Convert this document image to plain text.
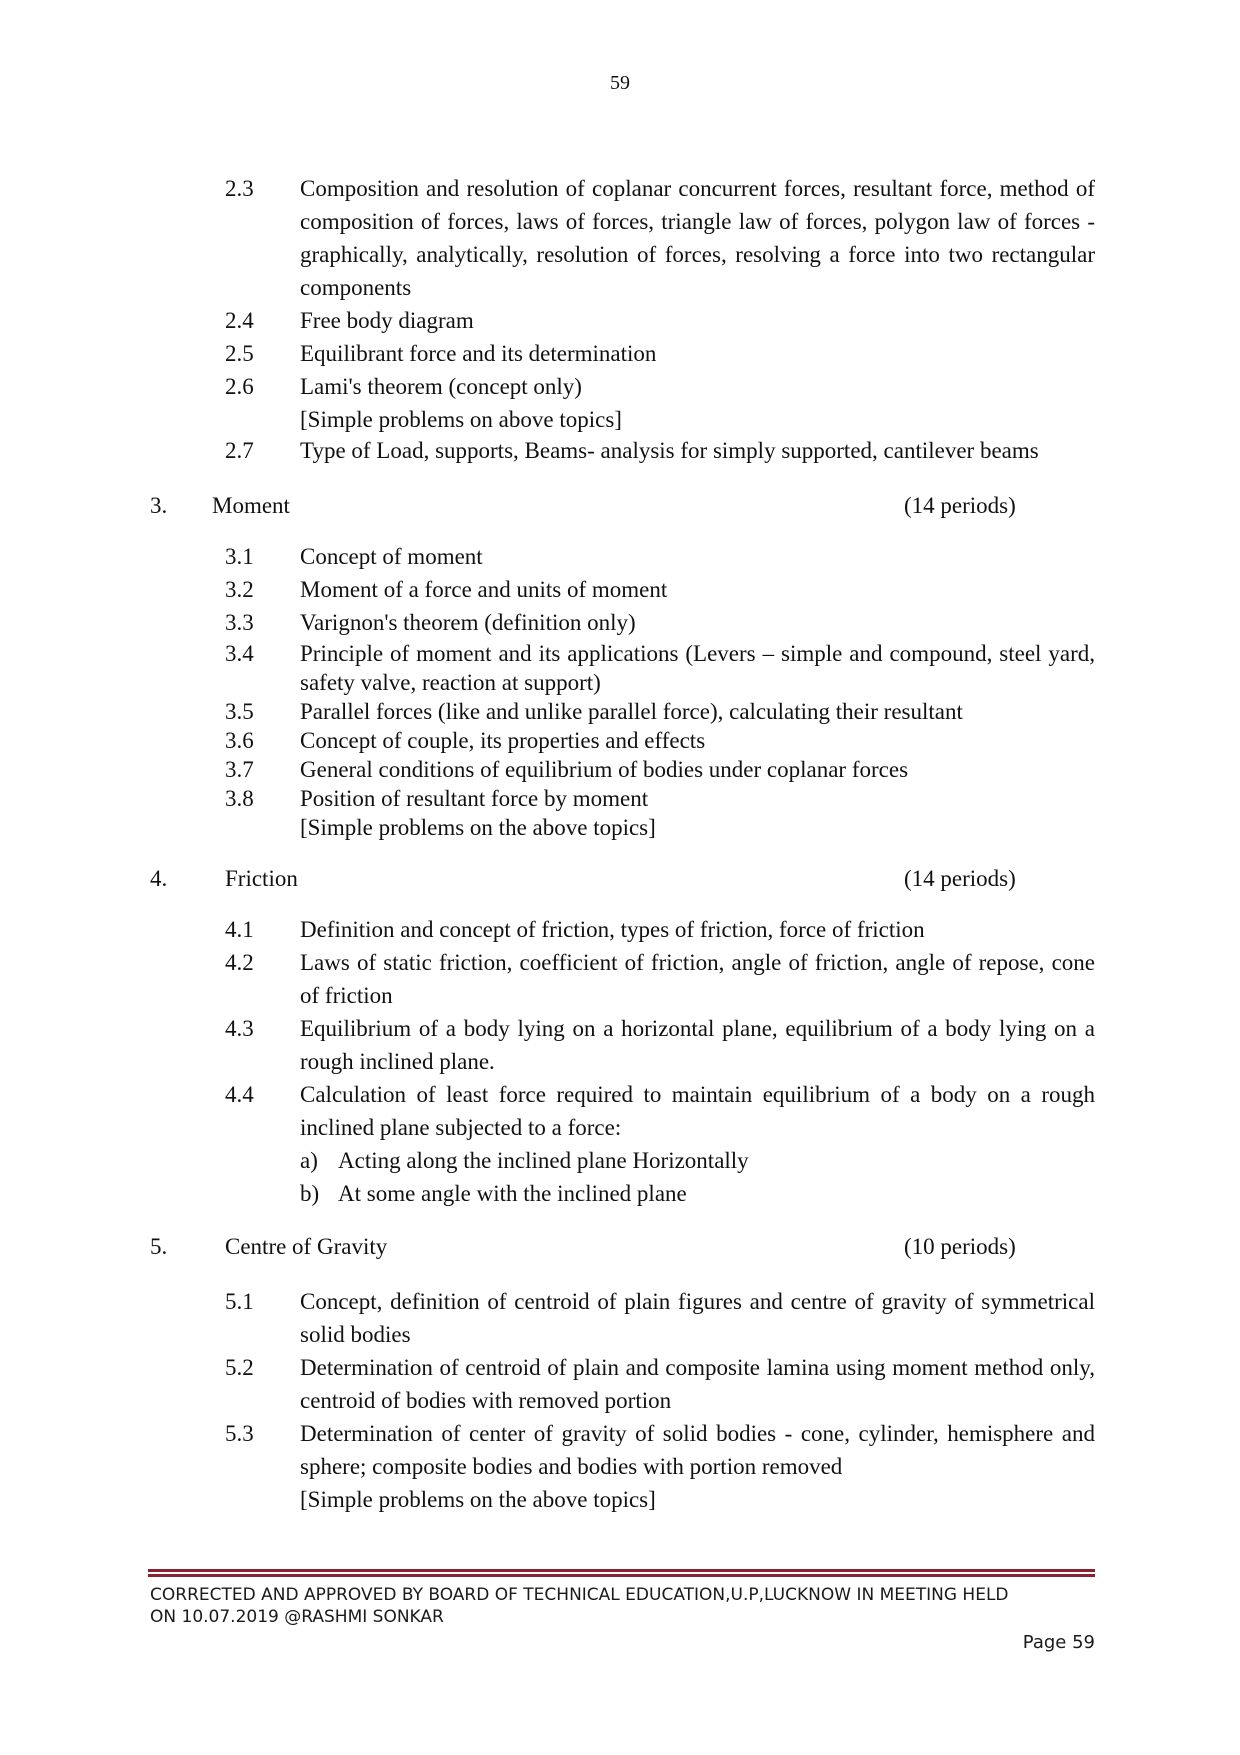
59
2.3	Composition and resolution of coplanar concurrent forces, resultant force, method of composition of forces, laws of forces, triangle law of forces, polygon law of forces - graphically, analytically, resolution of forces, resolving a force into two rectangular components
2.4	Free body diagram
2.5	Equilibrant force and its determination
2.6	Lami's theorem (concept only)
[Simple problems on above topics]
2.7	Type of Load, supports, Beams- analysis for simply supported, cantilever beams
3. Moment	(14 periods)
3.1	Concept of moment
3.2	Moment of a force and units of moment
3.3	Varignon's theorem (definition only)
3.4	Principle of moment and its applications (Levers – simple and compound, steel yard, safety valve, reaction at support)
3.5	Parallel forces (like and unlike parallel force), calculating their resultant
3.6	Concept of couple, its properties and effects
3.7	General conditions of equilibrium of bodies under coplanar forces
3.8	Position of resultant force by moment
[Simple problems on the above topics]
4.	Friction	(14 periods)
4.1	Definition and concept of friction, types of friction, force of friction
4.2	Laws of static friction, coefficient of friction, angle of friction, angle of repose, cone of friction
4.3	Equilibrium of a body lying on a horizontal plane, equilibrium of a body lying on a rough inclined plane.
4.4	Calculation of least force required to maintain equilibrium of a body on a rough inclined plane subjected to a force:
a) Acting along the inclined plane Horizontally
b) At some angle with the inclined plane
5.	Centre of Gravity	(10 periods)
5.1	Concept, definition of centroid of plain figures and centre of gravity of symmetrical solid bodies
5.2	Determination of centroid of plain and composite lamina using moment method only, centroid of bodies with removed portion
5.3	Determination of center of gravity of solid bodies - cone, cylinder, hemisphere and sphere; composite bodies and bodies with portion removed
[Simple problems on the above topics]
CORRECTED AND APPROVED BY BOARD OF TECHNICAL EDUCATION,U.P,LUCKNOW IN MEETING HELD
ON 10.07.2019 @RASHMI SONKAR
Page 59
